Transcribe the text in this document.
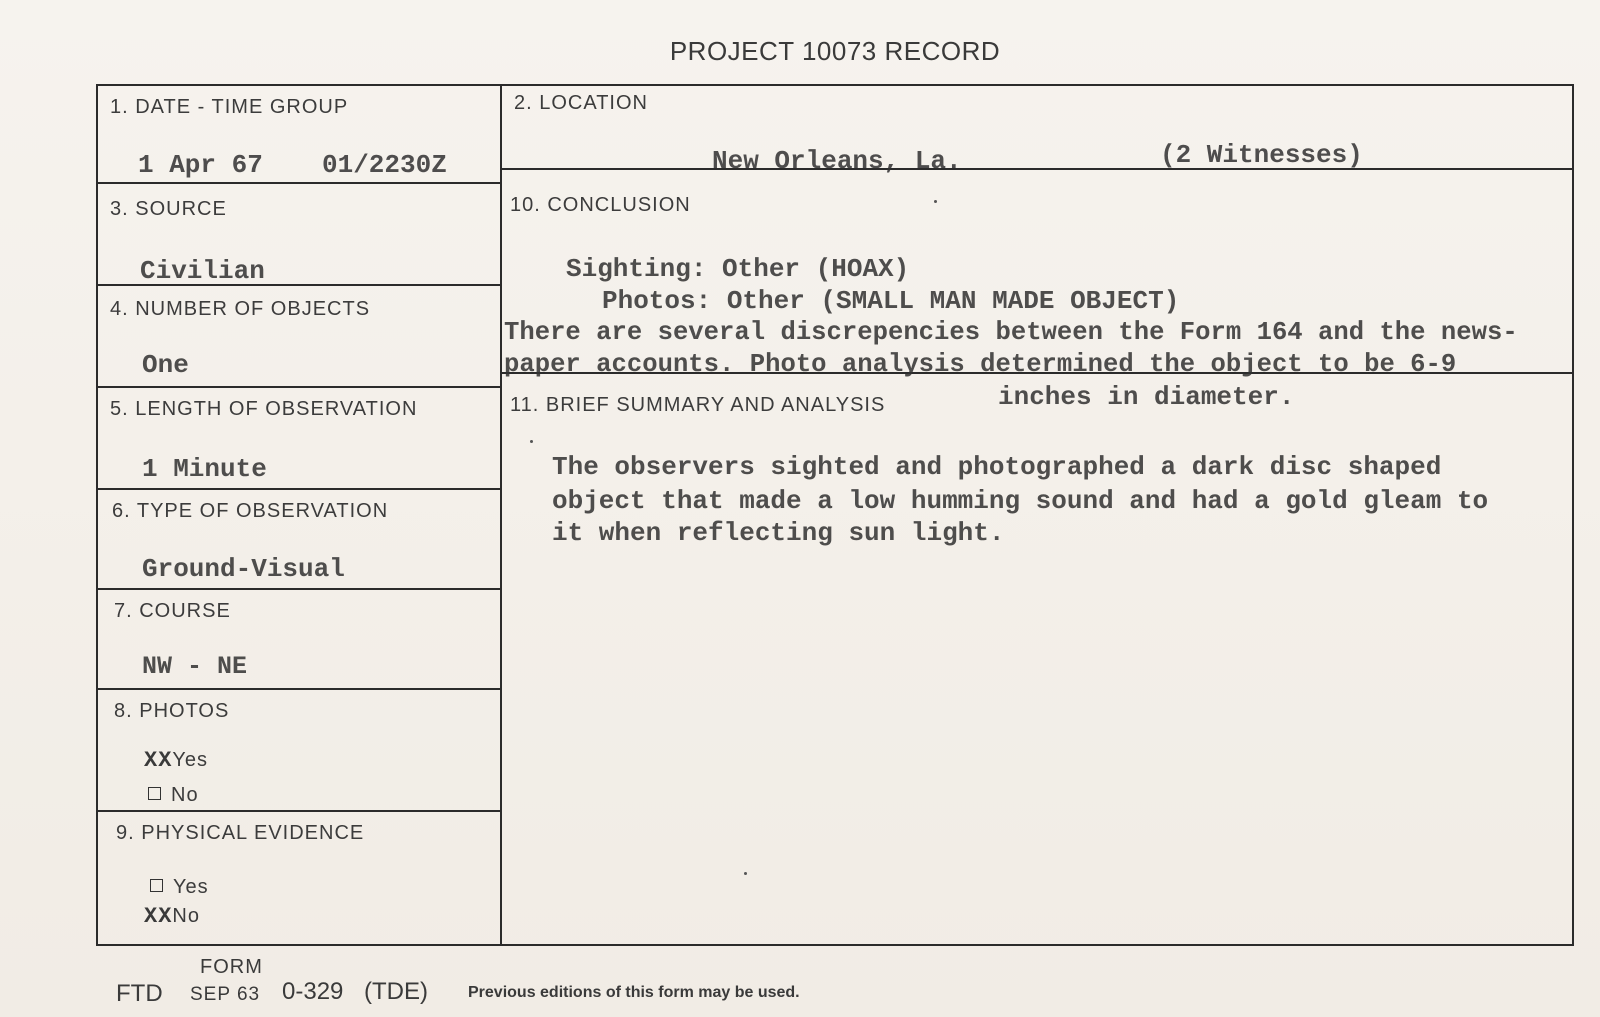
PROJECT 10073 RECORD
1. DATE - TIME GROUP
1 Apr 67 01/2230Z
2. LOCATION
New Orleans, La.	(2 Witnesses)
3. SOURCE
Civilian
4. NUMBER OF OBJECTS
One
5. LENGTH OF OBSERVATION
1 Minute
6. TYPE OF OBSERVATION
Ground-Visual
7. COURSE
NW - NE
8. PHOTOS
XXYes
No
9. PHYSICAL EVIDENCE
Yes
XXNo
10. CONCLUSION
Sighting: Other (HOAX)
Photos: Other (SMALL MAN MADE OBJECT)
There are several discrepencies between the Form 164 and the news-
paper accounts. Photo analysis determined the object to be 6-9
inches in diameter.
11. BRIEF SUMMARY AND ANALYSIS
The observers sighted and photographed a dark disc shaped
object that made a low humming sound and had a gold gleam to
it when reflecting sun light.
FORM
FTD SEP 63 0-329 (TDE)	Previous editions of this form may be used.
